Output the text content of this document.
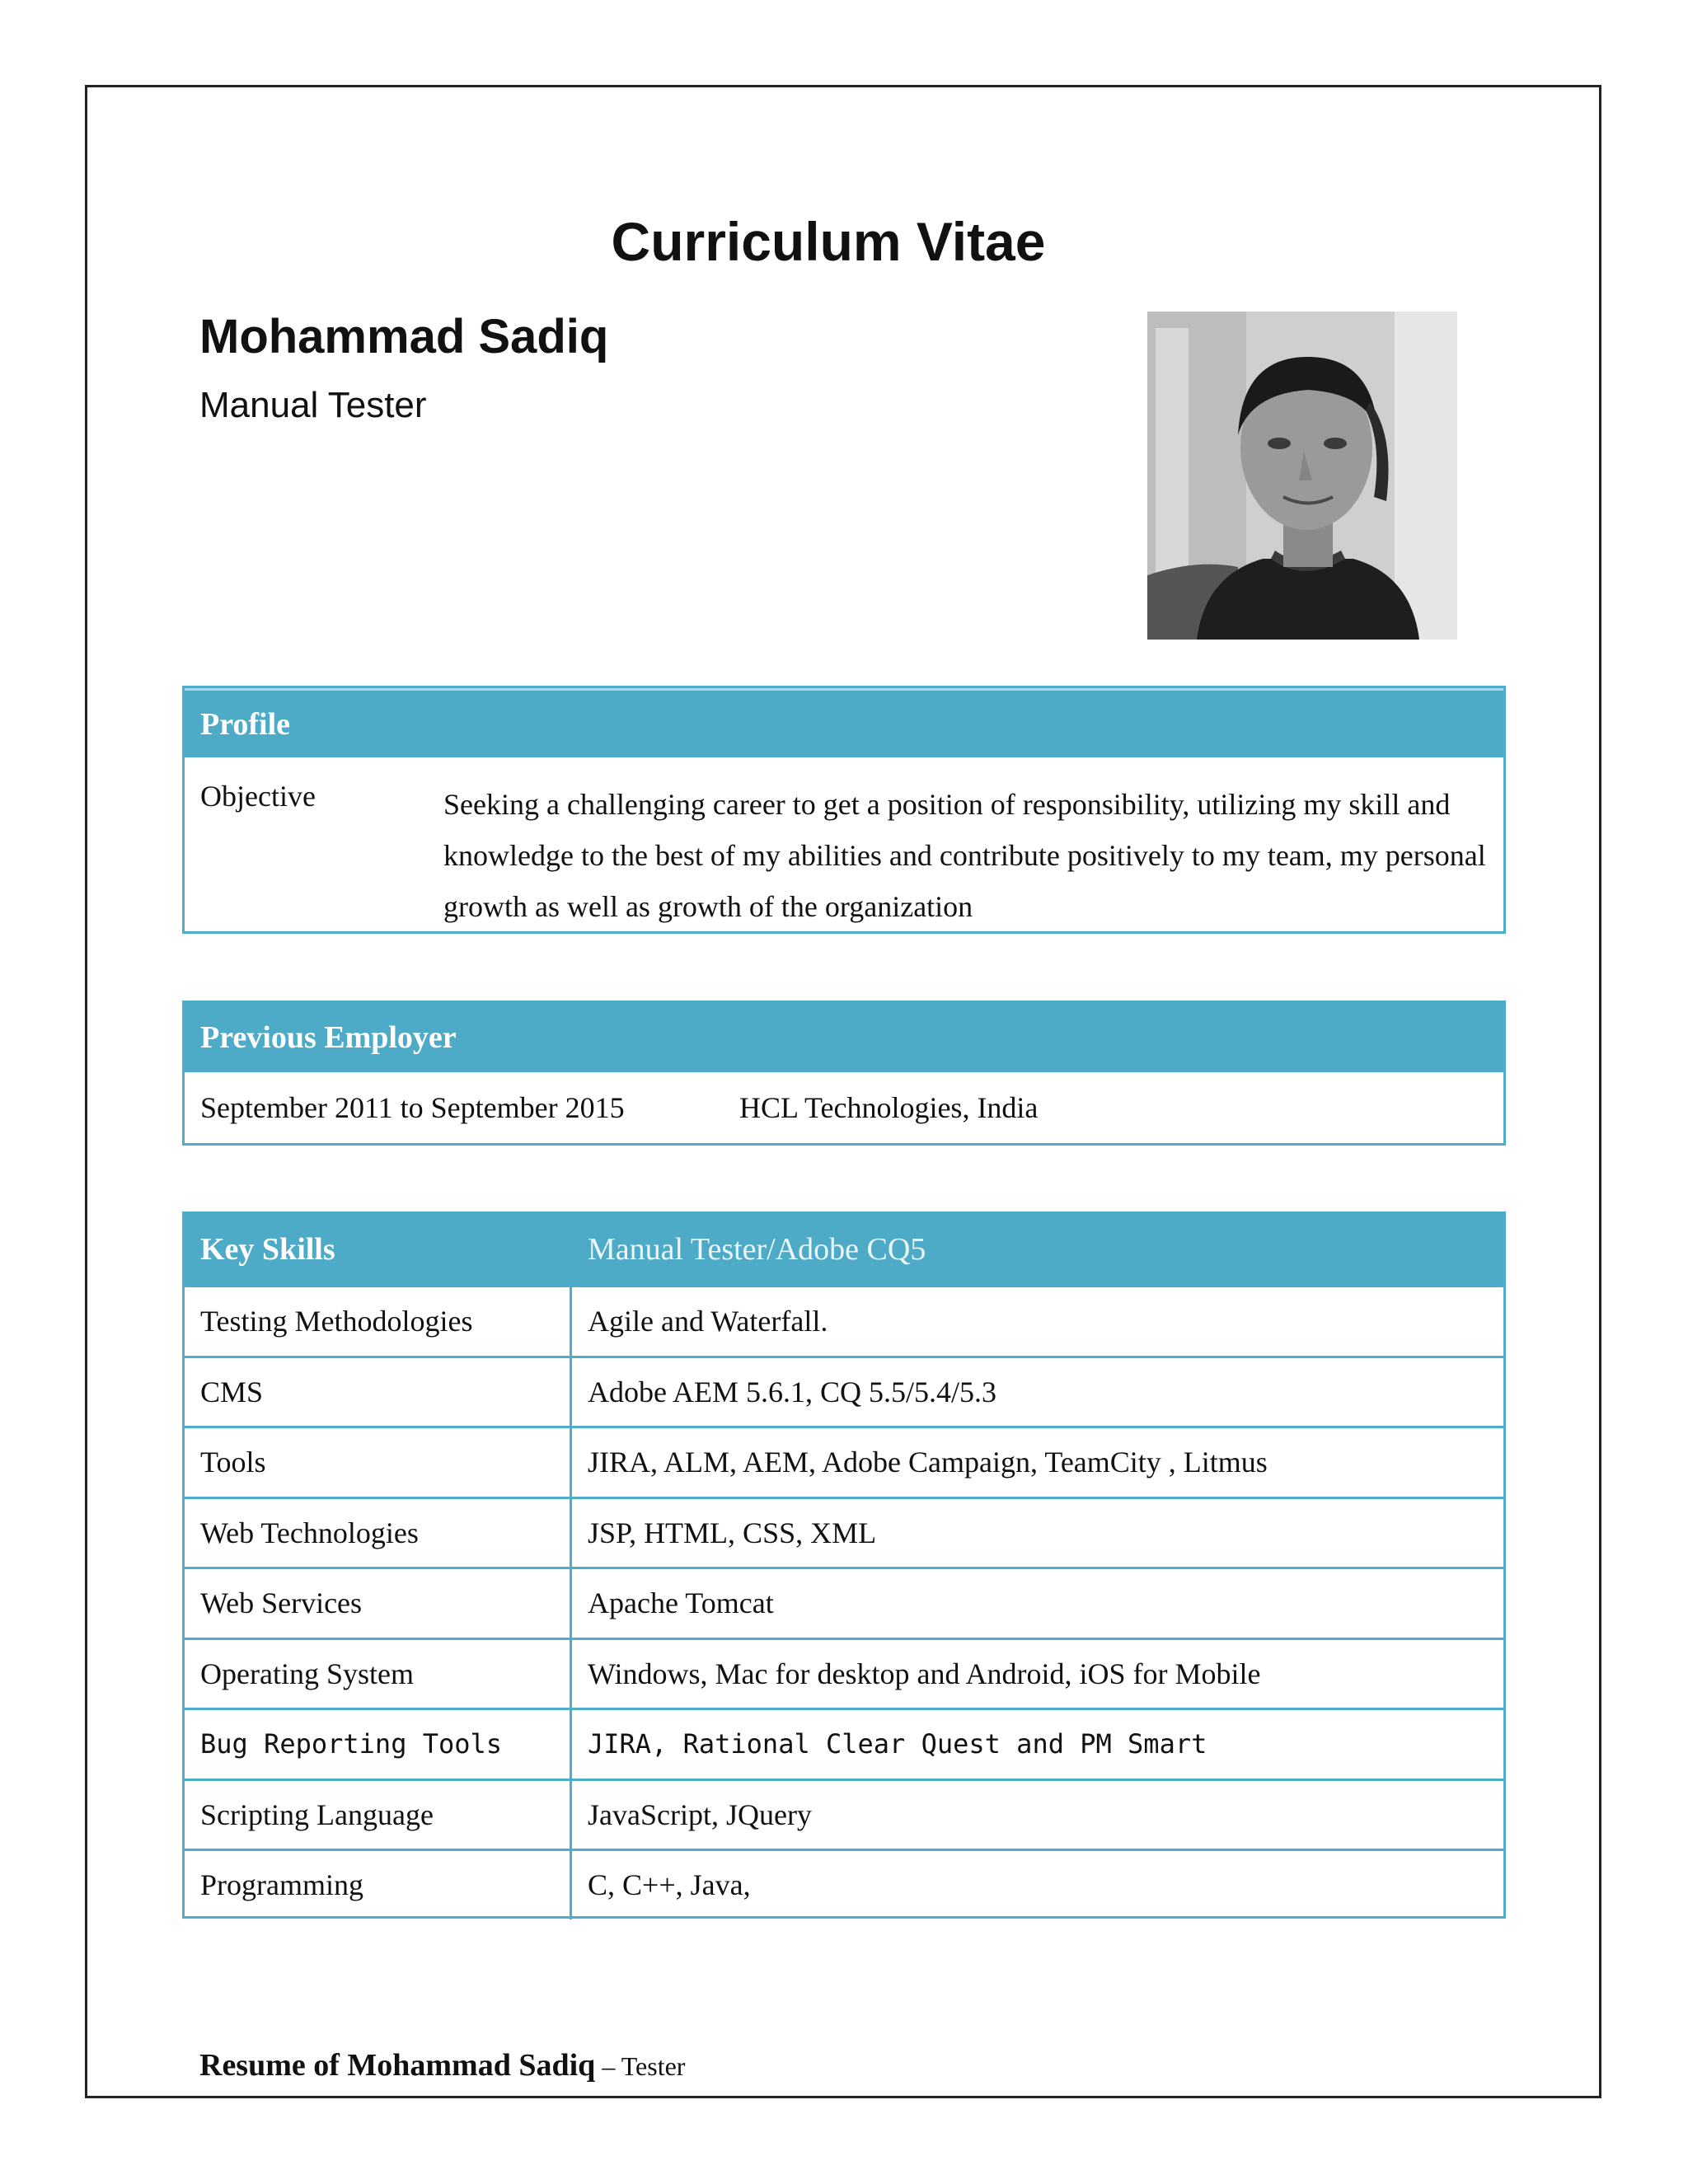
Curriculum Vitae
Mohammad Sadiq
Manual Tester
Profile
Objective	Seeking a challenging career to get a position of responsibility, utilizing my skill and knowledge to the best of my abilities and contribute positively to my team, my personal growth as well as growth of the organization
Previous Employer
September 2011 to September 2015	HCL Technologies, India
Key Skills	Manual Tester/Adobe CQ5
Testing Methodologies	Agile and Waterfall.
CMS	Adobe AEM 5.6.1, CQ 5.5/5.4/5.3
Tools	JIRA, ALM, AEM, Adobe Campaign, TeamCity , Litmus
Web Technologies	JSP, HTML, CSS, XML
Web Services	Apache Tomcat
Operating System	Windows, Mac for desktop and Android, iOS for Mobile
Bug Reporting Tools	JIRA, Rational Clear Quest and PM Smart
Scripting Language	JavaScript, JQuery
Programming	C, C++, Java,
Resume of Mohammad Sadiq – Tester
